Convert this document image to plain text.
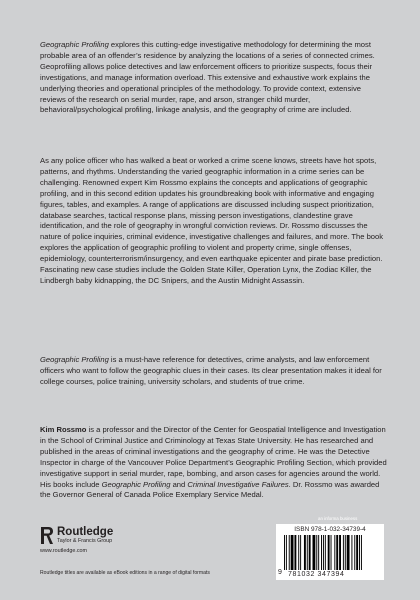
Geographic Profiling explores this cutting-edge investigative methodology for determining the most probable area of an offender’s residence by analyzing the locations of a series of connected crimes. Geoprofiling allows police detectives and law enforcement officers to prioritize suspects, focus their investigations, and manage information overload. This extensive and exhaustive work explains the underlying theories and operational principles of the methodology. To provide context, extensive reviews of the research on serial murder, rape, and arson, stranger child murder, behavioral/psychological profiling, linkage analysis, and the geography of crime are included.

As any police officer who has walked a beat or worked a crime scene knows, streets have hot spots, patterns, and rhythms. Understanding the varied geographic information in a crime series can be challenging. Renowned expert Kim Rossmo explains the concepts and applications of geographic profiling, and in this second edition updates his groundbreaking book with informative and engaging figures, tables, and examples. A range of applications are discussed including suspect prioritization, database searches, tactical response plans, missing person investigations, clandestine grave identification, and the role of geography in wrongful conviction reviews. Dr. Rossmo discusses the nature of police inquiries, criminal evidence, investigative challenges and failures, and more. The book explores the application of geographic profiling to violent and property crime, single offenses, epidemiology, counterterrorism/insurgency, and even earthquake epicenter and pirate base prediction. Fascinating new case studies include the Golden State Killer, Operation Lynx, the Zodiac Killer, the Lindbergh baby kidnapping, the DC Snipers, and the Austin Midnight Assassin.

Geographic Profiling is a must-have reference for detectives, crime analysts, and law enforcement officers who want to follow the geographic clues in their cases. Its clear presentation makes it ideal for college courses, police training, university scholars, and students of true crime.

Kim Rossmo is a professor and the Director of the Center for Geospatial Intelligence and Investigation in the School of Criminal Justice and Criminology at Texas State University. He has researched and published in the areas of criminal investigations and the geography of crime. He was the Detective Inspector in charge of the Vancouver Police Department’s Geographic Profiling Section, which provided investigative support in serial murder, rape, bombing, and arson cases for agencies around the world. His books include Geographic Profiling and Criminal Investigative Failures. Dr. Rossmo was awarded the Governor General of Canada Police Exemplary Service Medal.

Routledge
Taylor & Francis Group
www.routledge.com
Routledge titles are available as eBook editions in a range of digital formats
an informa business
ISBN 978-1-032-34739-4
9 781032 347394
